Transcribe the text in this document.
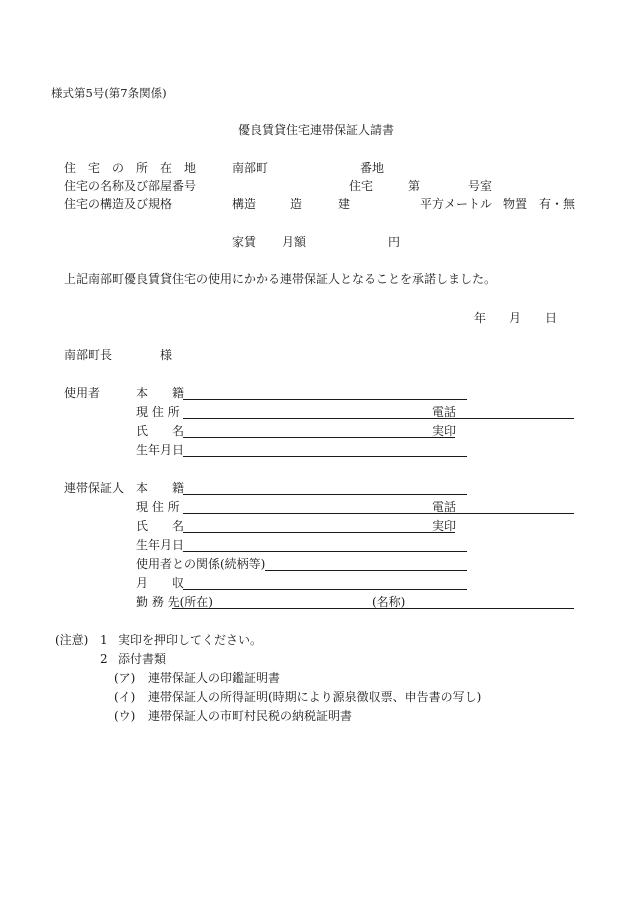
様式第5号(第7条関係)
優良賃貸住宅連帯保証人請書
住　宅　の　所　在　地	南部町	番地
住宅の名称及び部屋番号	住宅	第	号室
住宅の構造及び規格	構造	造	建	平方メートル 物置　有・無
家賃 月額	円
上記南部町優良賃貸住宅の使用にかかる連帯保証人となることを承諾しました。
年 月 日
南部町長	様
使用者	本　　籍
現 住 所	電話
氏　　名	実印
生年月日
連帯保証人 本　　籍
現 住 所	電話
氏　　名	実印
生年月日
使用者との関係(続柄等)
月　　収
勤 務 先(所在)	(名称)
(注意) 1 実印を押印してください。
2 添付書類
(ア) 連帯保証人の印鑑証明書
(イ) 連帯保証人の所得証明(時期により源泉徴収票、申告書の写し)
(ウ) 連帯保証人の市町村民税の納税証明書
